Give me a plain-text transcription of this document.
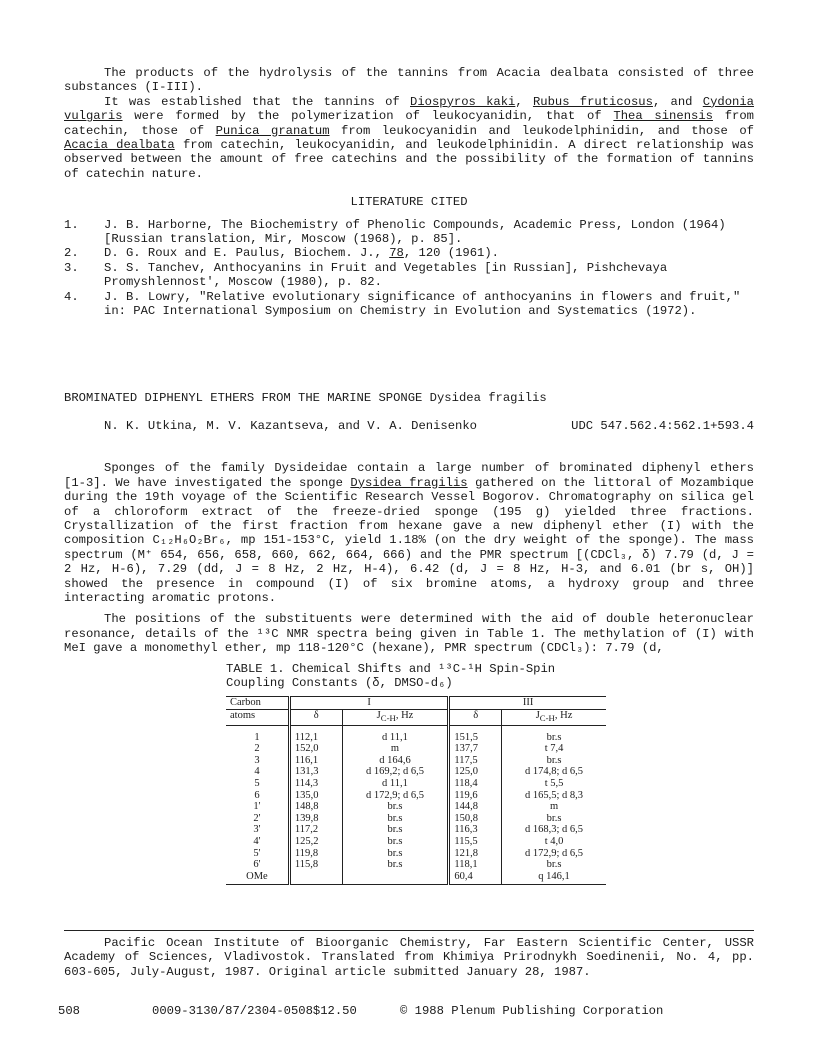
The products of the hydrolysis of the tannins from Acacia dealbata consisted of three substances (I-III).

It was established that the tannins of Diospyros kaki, Rubus fruticosus, and Cydonia vulgaris were formed by the polymerization of leukocyanidin, that of Thea sinensis from catechin, those of Punica granatum from leukocyanidin and leukodelphinidin, and those of Acacia dealbata from catechin, leukocyanidin, and leukodelphinidin. A direct relationship was observed between the amount of free catechins and the possibility of the formation of tannins of catechin nature.

LITERATURE CITED

1. J. B. Harborne, The Biochemistry of Phenolic Compounds, Academic Press, London (1964) [Russian translation, Mir, Moscow (1968), p. 85].
2. D. G. Roux and E. Paulus, Biochem. J., 78, 120 (1961).
3. S. S. Tanchev, Anthocyanins in Fruit and Vegetables [in Russian], Pishchevaya Promyshlennost', Moscow (1980), p. 82.
4. J. B. Lowry, "Relative evolutionary significance of anthocyanins in flowers and fruit," in: PAC International Symposium on Chemistry in Evolution and Systematics (1972).

BROMINATED DIPHENYL ETHERS FROM THE MARINE SPONGE Dysidea fragilis

N. K. Utkina, M. V. Kazantseva, and V. A. Denisenko	UDC 547.562.4:562.1+593.4

Sponges of the family Dysideidae contain a large number of brominated diphenyl ethers [1-3]. We have investigated the sponge Dysidea fragilis gathered on the littoral of Mozambique during the 19th voyage of the Scientific Research Vessel Bogorov. Chromatography on silica gel of a chloroform extract of the freeze-dried sponge (195 g) yielded three fractions. Crystallization of the first fraction from hexane gave a new diphenyl ether (I) with the composition C₁₂H₆O₂Br₆, mp 151-153°C, yield 1.18% (on the dry weight of the sponge). The mass spectrum (M⁺ 654, 656, 658, 660, 662, 664, 666) and the PMR spectrum [(CDCl₃, δ) 7.79 (d, J = 2 Hz, H-6), 7.29 (dd, J = 8 Hz, 2 Hz, H-4), 6.42 (d, J = 8 Hz, H-3, and 6.01 (br s, OH)] showed the presence in compound (I) of six bromine atoms, a hydroxy group and three interacting aromatic protons.

The positions of the substituents were determined with the aid of double heteronuclear resonance, details of the ¹³C NMR spectra being given in Table 1. The methylation of (I) with MeI gave a monomethyl ether, mp 118-120°C (hexane), PMR spectrum (CDCl₃): 7.79 (d,

TABLE 1. Chemical Shifts and ¹³C-¹H Spin-Spin Coupling Constants (δ, DMSO-d₆)

Carbon	I		III	
atoms	δ	$J_{C-H}$, Hz	δ	$J_{C-H}$, Hz
1	112,1	d 11,1	151,5	br.s
2	152,0	m	137,7	t 7,4
3	116,1	d 164,6	117,5	br.s
4	131,3	d 169,2; d 6,5	125,0	d 174,8; d 6,5
5	114,3	d 11,1	118,4	t 5,5
6	135,0	d 172,9; d 6,5	119,6	d 165,5; d 8,3
1'	148,8	br.s	144,8	m
2'	139,8	br.s	150,8	br.s
3'	117,2	br.s	116,3	d 168,3; d 6,5
4'	125,2	br.s	115,5	t 4,0
5'	119,8	br.s	121,8	d 172,9; d 6,5
6'	115,8	br.s	118,1	br.s
OMe			60,4	q 146,1

Pacific Ocean Institute of Bioorganic Chemistry, Far Eastern Scientific Center, USSR Academy of Sciences, Vladivostok. Translated from Khimiya Prirodnykh Soedinenii, No. 4, pp. 603-605, July-August, 1987. Original article submitted January 28, 1987.

508	0009-3130/87/2304-0508$12.50	© 1988 Plenum Publishing Corporation
